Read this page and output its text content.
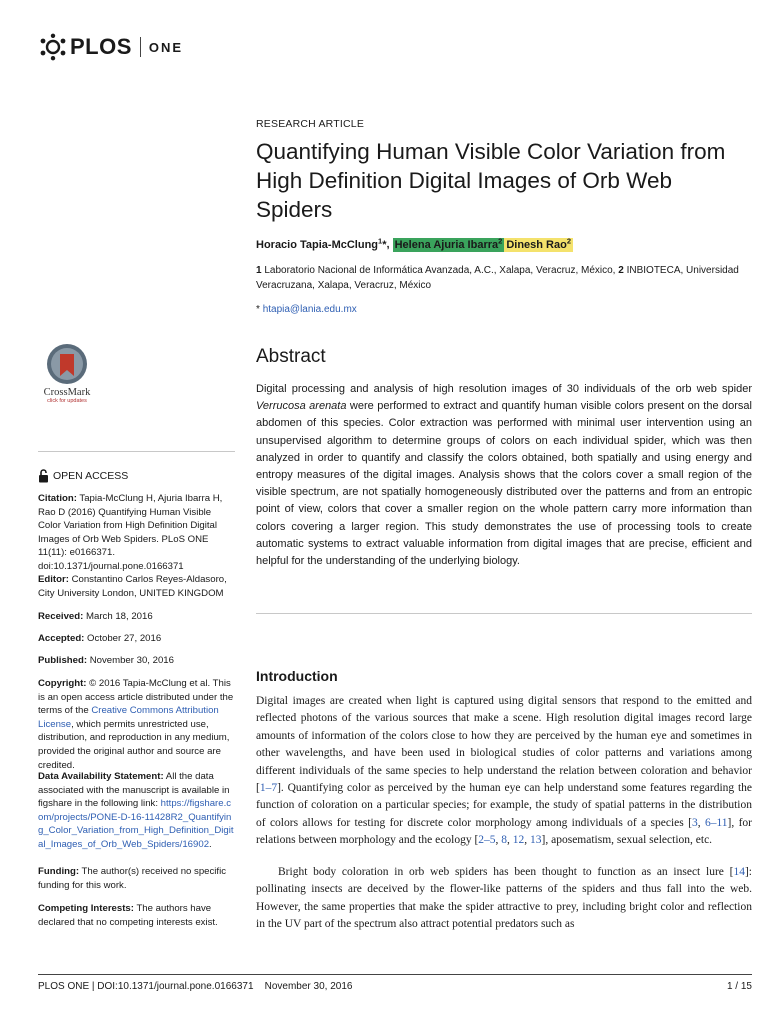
PLOS ONE
RESEARCH ARTICLE
Quantifying Human Visible Color Variation from High Definition Digital Images of Orb Web Spiders
Horacio Tapia-McClung$^1$*, Helena Ajuria Ibarra$^2$ Dinesh Rao$^2$
1 Laboratorio Nacional de Informática Avanzada, A.C., Xalapa, Veracruz, México, 2 INBIOTECA, Universidad Veracruzana, Xalapa, Veracruz, México
* htapia@lania.edu.mx
Abstract

Digital processing and analysis of high resolution images of 30 individuals of the orb web spider Verrucosa arenata were performed to extract and quantify human visible colors present on the dorsal abdomen of this species. Color extraction was performed with minimal user intervention using an unsupervised algorithm to determine groups of colors on each individual spider, which was then analyzed in order to quantify and classify the colors obtained, both spatially and using energy and entropy measures of the digital images. Analysis shows that the colors cover a small region of the visible spectrum, are not spatially homogeneously distributed over the patterns and from an entropic point of view, colors that cover a smaller region on the whole pattern carry more information than colors covering a larger region. This study demonstrates the use of processing tools to create automatic systems to extract valuable information from digital images that are precise, efficient and helpful for the understanding of the underlying biology.

Introduction

Digital images are created when light is captured using digital sensors that respond to the emitted and reflected photons of the various sources that make a scene. High resolution digital images record large amounts of information of the colors close to how they are perceived by the human eye and sometimes in other wavelengths, and have been used in biological studies of color patterns and variations among different individuals of the same species to help understand the relation between coloration and behavior [1–7]. Quantifying color as perceived by the human eye can help understand some features regarding the function of coloration on a particular species; for example, the study of spatial patterns in the distribution of colors allows for testing for discrete color morphology among individuals of a species [3, 6–11], for relations between morphology and the ecology [2–5, 8, 12, 13], aposematism, sexual selection, etc.

Bright body coloration in orb web spiders has been thought to function as an insect lure [14]: pollinating insects are deceived by the flower-like patterns of the spiders and thus fall into the web. However, the same properties that make the spider attractive to prey, including bright color and reflection in the UV part of the spectrum also attract potential predators such as

CrossMark
click for updates
OPEN ACCESS
Citation: Tapia-McClung H, Ajuria Ibarra H, Rao D (2016) Quantifying Human Visible Color Variation from High Definition Digital Images of Orb Web Spiders. PLoS ONE 11(11): e0166371. doi:10.1371/journal.pone.0166371
Editor: Constantino Carlos Reyes-Aldasoro, City University London, UNITED KINGDOM
Received: March 18, 2016
Accepted: October 27, 2016
Published: November 30, 2016
Copyright: © 2016 Tapia-McClung et al. This is an open access article distributed under the terms of the Creative Commons Attribution License, which permits unrestricted use, distribution, and reproduction in any medium, provided the original author and source are credited.
Data Availability Statement: All the data associated with the manuscript is available in figshare in the following link: https://figshare.com/projects/PONE-D-16-11428R2_Quantifying_Color_Variation_from_High_Definition_Digital_Images_of_Orb_Web_Spiders/16902.
Funding: The author(s) received no specific funding for this work.
Competing Interests: The authors have declared that no competing interests exist.
PLOS ONE | DOI:10.1371/journal.pone.0166371    November 30, 2016	1 / 15
